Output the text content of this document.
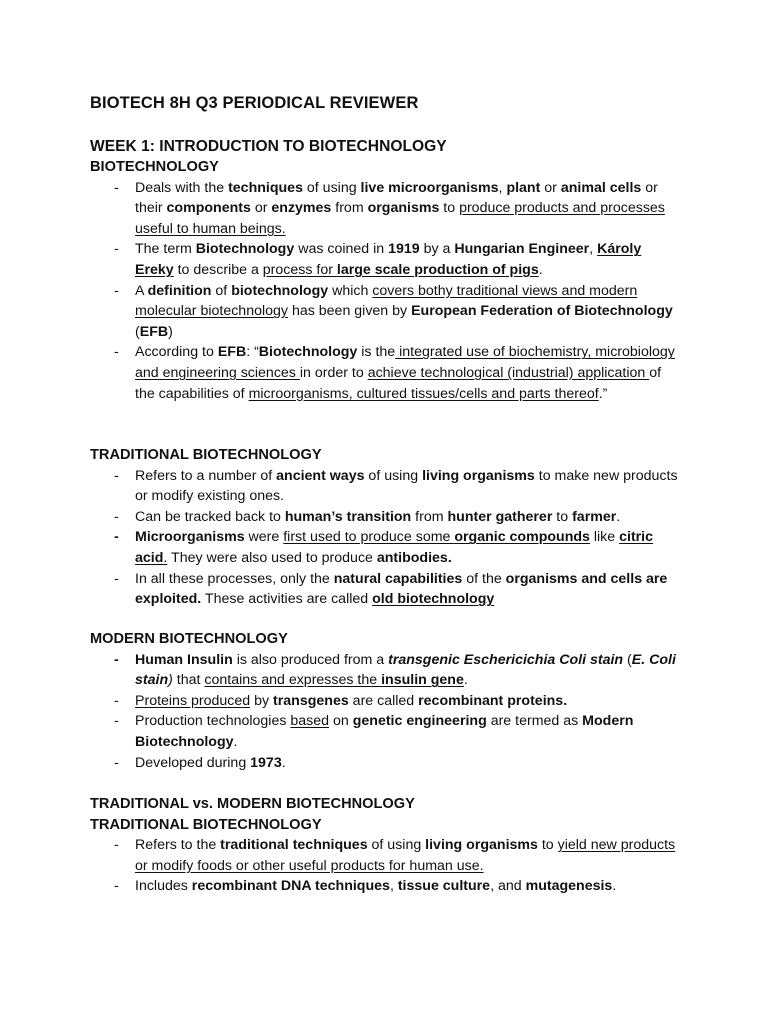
BIOTECH 8H Q3 PERIODICAL REVIEWER
WEEK 1: INTRODUCTION TO BIOTECHNOLOGY
BIOTECHNOLOGY
- Deals with the techniques of using live microorganisms, plant or animal cells or their components or enzymes from organisms to produce products and processes useful to human beings.
- The term Biotechnology was coined in 1919 by a Hungarian Engineer, Károly Ereky to describe a process for large scale production of pigs.
- A definition of biotechnology which covers bothy traditional views and modern molecular biotechnology has been given by European Federation of Biotechnology (EFB)
- According to EFB: “Biotechnology is the integrated use of biochemistry, microbiology and engineering sciences in order to achieve technological (industrial) application of the capabilities of microorganisms, cultured tissues/cells and parts thereof.”
TRADITIONAL BIOTECHNOLOGY
- Refers to a number of ancient ways of using living organisms to make new products or modify existing ones.
- Can be tracked back to human’s transition from hunter gatherer to farmer.
- Microorganisms were first used to produce some organic compounds like citric acid. They were also used to produce antibodies.
- In all these processes, only the natural capabilities of the organisms and cells are exploited. These activities are called old biotechnology
MODERN BIOTECHNOLOGY
- Human Insulin is also produced from a transgenic Eschericichia Coli stain (E. Coli stain) that contains and expresses the insulin gene.
- Proteins produced by transgenes are called recombinant proteins.
- Production technologies based on genetic engineering are termed as Modern Biotechnology.
- Developed during 1973.
TRADITIONAL vs. MODERN BIOTECHNOLOGY
TRADITIONAL BIOTECHNOLOGY
- Refers to the traditional techniques of using living organisms to yield new products or modify foods or other useful products for human use.
- Includes recombinant DNA techniques, tissue culture, and mutagenesis.
